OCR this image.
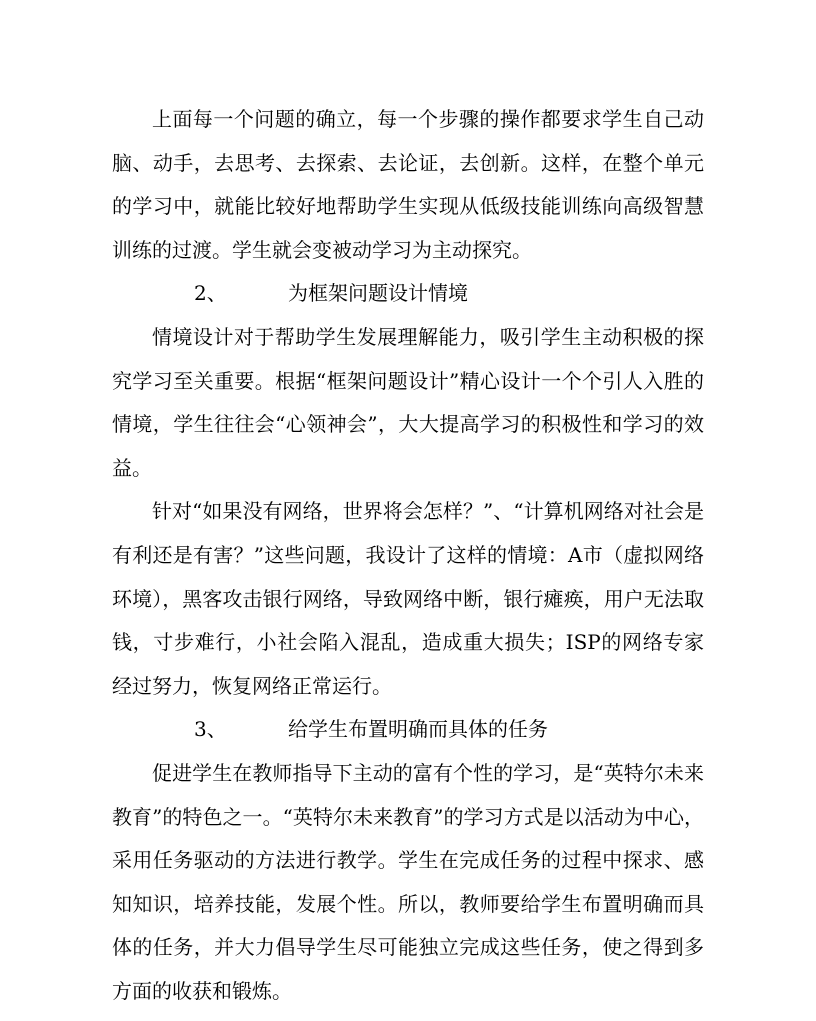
上面每一个问题的确立，每一个步骤的操作都要求学生自己动脑、动手，去思考、去探索、去论证，去创新。这样，在整个单元的学习中，就能比较好地帮助学生实现从低级技能训练向高级智慧训练的过渡。学生就会变被动学习为主动探究。

2、	为框架问题设计情境

情境设计对于帮助学生发展理解能力，吸引学生主动积极的探究学习至关重要。根据“框架问题设计”精心设计一个个引人入胜的情境，学生往往会“心领神会”，大大提高学习的积极性和学习的效益。

针对“如果没有网络，世界将会怎样？”、“计算机网络对社会是有利还是有害？”这些问题，我设计了这样的情境：A市（虚拟网络环境），黑客攻击银行网络，导致网络中断，银行瘫痪，用户无法取钱，寸步难行，小社会陷入混乱，造成重大损失；ISP的网络专家经过努力，恢复网络正常运行。

3、	给学生布置明确而具体的任务

促进学生在教师指导下主动的富有个性的学习，是“英特尔未来教育”的特色之一。“英特尔未来教育”的学习方式是以活动为中心，采用任务驱动的方法进行教学。学生在完成任务的过程中探求、感知知识，培养技能，发展个性。所以，教师要给学生布置明确而具体的任务，并大力倡导学生尽可能独立完成这些任务，使之得到多方面的收获和锻炼。
